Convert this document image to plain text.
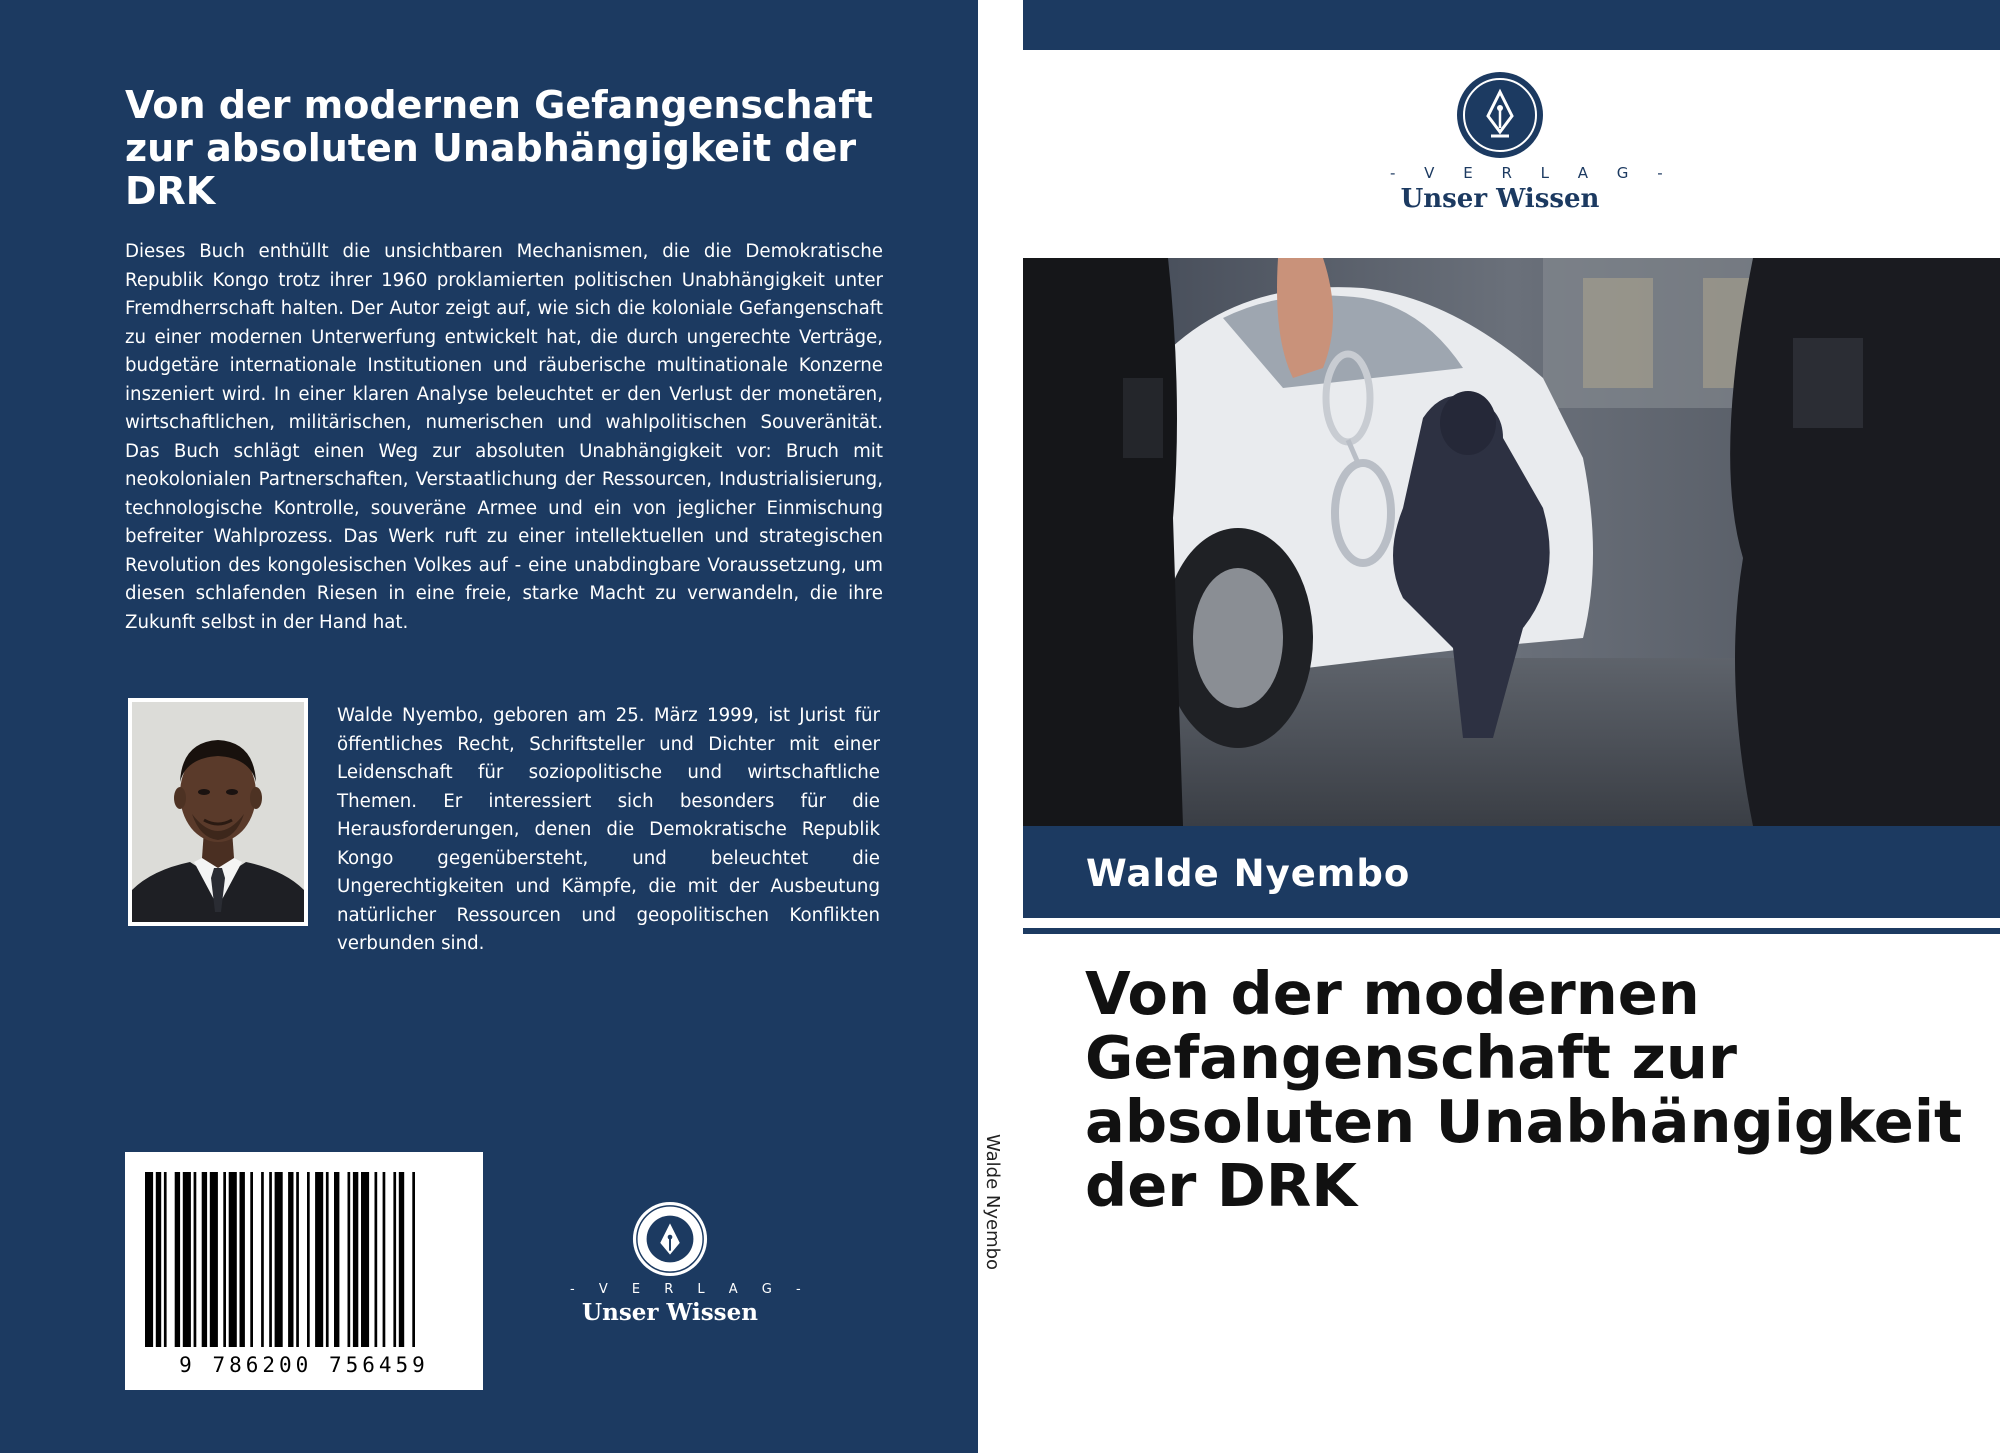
Von der modernen Gefangenschaft zur absoluten Unabhängigkeit der DRK

Dieses Buch enthüllt die unsichtbaren Mechanismen, die die Demokratische Republik Kongo trotz ihrer 1960 proklamierten politischen Unabhängigkeit unter Fremdherrschaft halten. Der Autor zeigt auf, wie sich die koloniale Gefangenschaft zu einer modernen Unterwerfung entwickelt hat, die durch ungerechte Verträge, budgetäre internationale Institutionen und räuberische multinationale Konzerne inszeniert wird. In einer klaren Analyse beleuchtet er den Verlust der monetären, wirtschaftlichen, militärischen, numerischen und wahlpolitischen Souveränität. Das Buch schlägt einen Weg zur absoluten Unabhängigkeit vor: Bruch mit neokolonialen Partnerschaften, Verstaatlichung der Ressourcen, Industrialisierung, technologische Kontrolle, souveräne Armee und ein von jeglicher Einmischung befreiter Wahlprozess. Das Werk ruft zu einer intellektuellen und strategischen Revolution des kongolesischen Volkes auf - eine unabdingbare Voraussetzung, um diesen schlafenden Riesen in eine freie, starke Macht zu verwandeln, die ihre Zukunft selbst in der Hand hat.

Walde Nyembo, geboren am 25. März 1999, ist Jurist für öffentliches Recht, Schriftsteller und Dichter mit einer Leidenschaft für soziopolitische und wirtschaftliche Themen. Er interessiert sich besonders für die Herausforderungen, denen die Demokratische Republik Kongo gegenübersteht, und beleuchtet die Ungerechtigkeiten und Kämpfe, die mit der Ausbeutung natürlicher Ressourcen und geopolitischen Konflikten verbunden sind.

9 786200 756459
- V E R L A G -
Unser Wissen
Walde Nyembo
- V E R L A G -
Unser Wissen
Walde Nyembo
Von der modernen Gefangenschaft zur absoluten Unabhängigkeit der DRK
